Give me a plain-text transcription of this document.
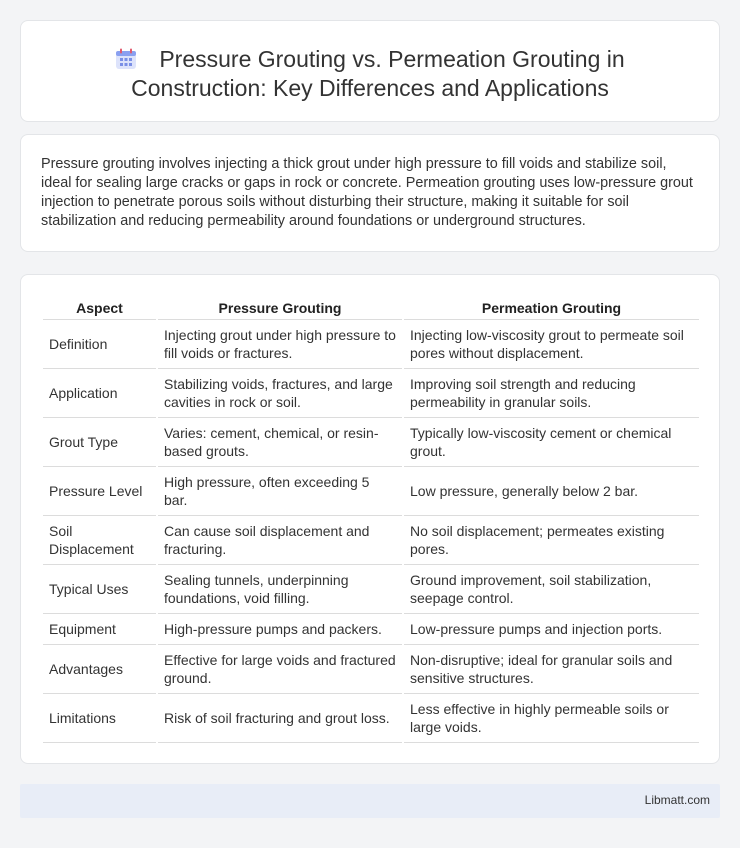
Pressure Grouting vs. Permeation Grouting in
Construction: Key Differences and Applications

Pressure grouting involves injecting a thick grout under high pressure to fill voids and stabilize soil, ideal for sealing large cracks or gaps in rock or concrete. Permeation grouting uses low-pressure grout injection to penetrate porous soils without disturbing their structure, making it suitable for soil stabilization and reducing permeability around foundations or underground structures.

Aspect	Pressure Grouting	Permeation Grouting
Definition	Injecting grout under high pressure to fill voids or fractures.	Injecting low-viscosity grout to permeate soil pores without displacement.
Application	Stabilizing voids, fractures, and large cavities in rock or soil.	Improving soil strength and reducing permeability in granular soils.
Grout Type	Varies: cement, chemical, or resin-based grouts.	Typically low-viscosity cement or chemical grout.
Pressure Level	High pressure, often exceeding 5 bar.	Low pressure, generally below 2 bar.
Soil Displacement	Can cause soil displacement and fracturing.	No soil displacement; permeates existing pores.
Typical Uses	Sealing tunnels, underpinning foundations, void filling.	Ground improvement, soil stabilization, seepage control.
Equipment	High-pressure pumps and packers.	Low-pressure pumps and injection ports.
Advantages	Effective for large voids and fractured ground.	Non-disruptive; ideal for granular soils and sensitive structures.
Limitations	Risk of soil fracturing and grout loss.	Less effective in highly permeable soils or large voids.
Libmatt.com
